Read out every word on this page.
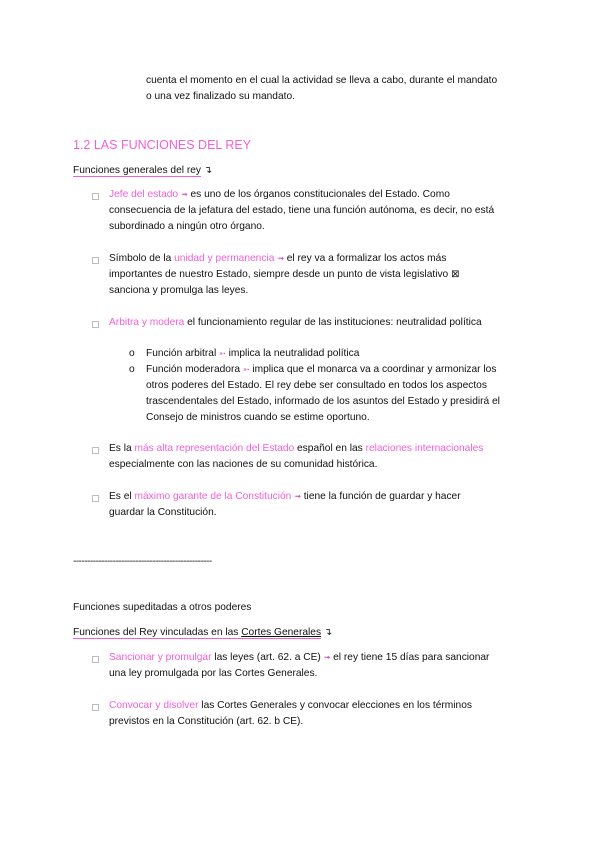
cuenta el momento en el cual la actividad se lleva a cabo, durante el mandato
o una vez finalizado su mandato.
1.2 LAS FUNCIONES DEL REY
Funciones generales del rey ↴
Jefe del estado ➟ es uno de los órganos constitucionales del Estado. Como
consecuencia de la jefatura del estado, tiene una función autónoma, es decir, no está
subordinado a ningún otro órgano.
Símbolo de la unidad y permanencia ➟ el rey va a formalizar los actos más
importantes de nuestro Estado, siempre desde un punto de vista legislativo ⊠
sanciona y promulga las leyes.
Arbitra y modera el funcionamiento regular de las instituciones: neutralidad política
o Función arbitral ➳ implica la neutralidad política
o Función moderadora ➳ implica que el monarca va a coordinar y armonizar los
otros poderes del Estado. El rey debe ser consultado en todos los aspectos
trascendentales del Estado, informado de los asuntos del Estado y presidirá el
Consejo de ministros cuando se estime oportuno.
Es la más alta representación del Estado español en las relaciones internacionales
especialmente con las naciones de su comunidad histórica.
Es el máximo garante de la Constitución ➟ tiene la función de guardar y hacer
guardar la Constitución.
-------------------------------------------------
Funciones supeditadas a otros poderes
Funciones del Rey vinculadas en las Cortes Generales ↴
Sancionar y promulgar las leyes (art. 62. a CE) ➟ el rey tiene 15 días para sancionar
una ley promulgada por las Cortes Generales.
Convocar y disolver las Cortes Generales y convocar elecciones en los términos
previstos en la Constitución (art. 62. b CE).
